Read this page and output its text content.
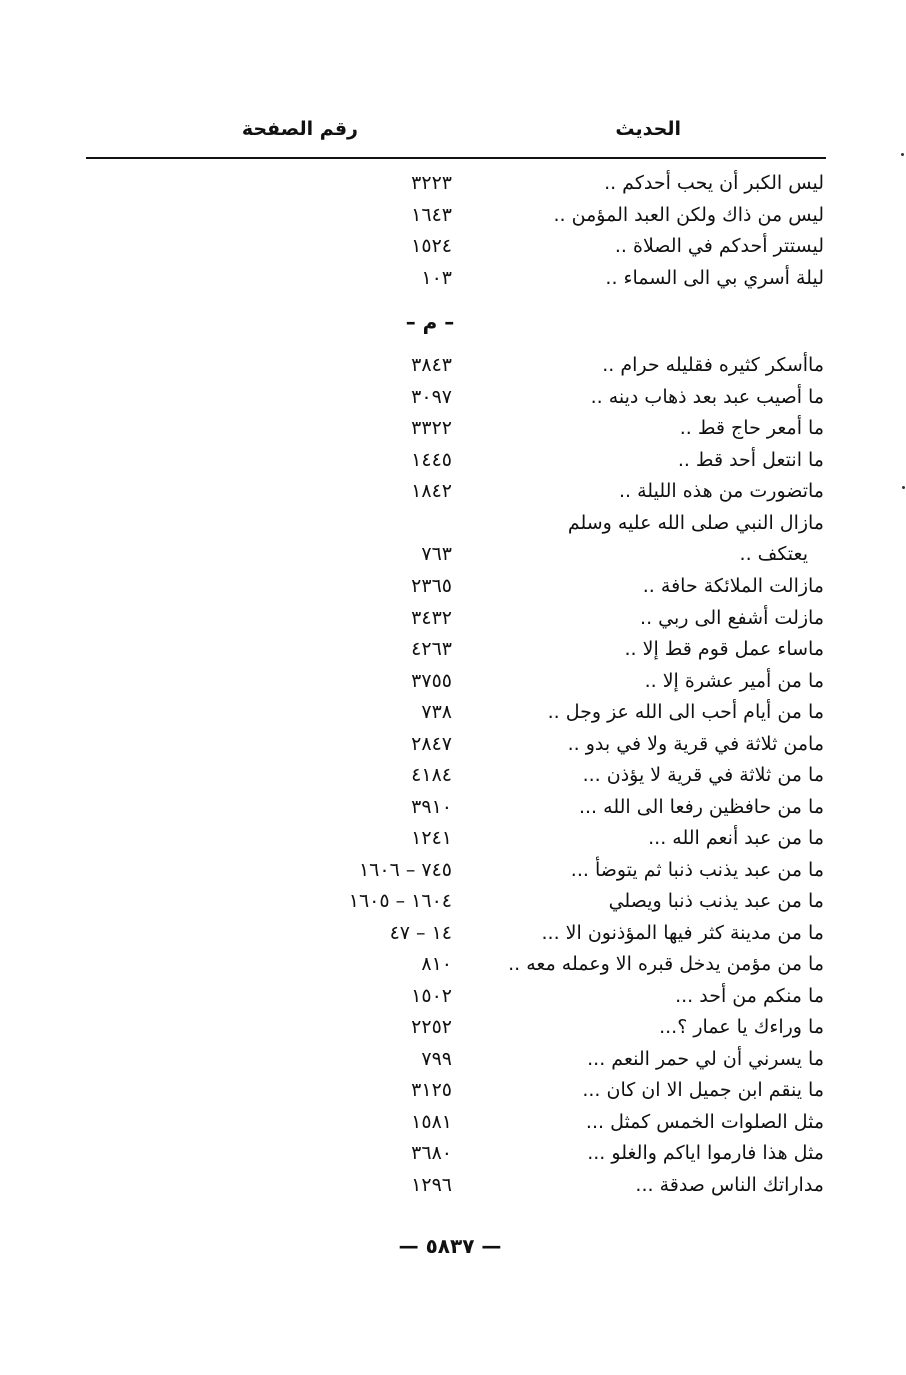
الحديث
رقم الصفحة
ليس الكبر أن يحب أحدكم ..
٣٢٢٣
ليس من ذاك ولكن العبد المؤمن ..
١٦٤٣
ليستتر أحدكم في الصلاة ..
١٥٢٤
ليلة أسري بي الى السماء ..
١٠٣
– م –
ماأسكر كثيره فقليله حرام ..
٣٨٤٣
ما أصيب عبد بعد ذهاب دينه ..
٣٠٩٧
ما أمعر حاج قط ..
٣٣٢٢
ما انتعل أحد قط ..
١٤٤٥
ماتضورت من هذه الليلة ..
١٨٤٢
مازال النبي صلى الله عليه وسلم
يعتكف ..
٧٦٣
مازالت الملائكة حافة ..
٢٣٦٥
مازلت أشفع الى ربي ..
٣٤٣٢
ماساء عمل قوم قط إلا ..
٤٢٦٣
ما من أمير عشرة إلا ..
٣٧٥٥
ما من أيام أحب الى الله عز وجل ..
٧٣٨
مامن ثلاثة في قرية ولا في بدو ..
٢٨٤٧
ما من ثلاثة في قرية لا يؤذن ...
٤١٨٤
ما من حافظين رفعا الى الله ...
٣٩١٠
ما من عبد أنعم الله ...
١٢٤١
ما من عبد يذنب ذنبا ثم يتوضأ ...
٧٤٥ – ١٦٠٦
ما من عبد يذنب ذنبا ويصلي
١٦٠٤ – ١٦٠٥
ما من مدينة كثر فيها المؤذنون الا ...
١٤ – ٤٧
ما من مؤمن يدخل قبره الا وعمله معه ..
٨١٠
ما منكم من أحد ...
١٥٠٢
ما وراءك يا عمار ؟...
٢٢٥٢
ما يسرني أن لي حمر النعم ...
٧٩٩
ما ينقم ابن جميل الا ان كان ...
٣١٢٥
مثل الصلوات الخمس كمثل ...
١٥٨١
مثل هذا فارموا اياكم والغلو ...
٣٦٨٠
مداراتك الناس صدقة ...
١٢٩٦
— ٥٨٣٧ —
